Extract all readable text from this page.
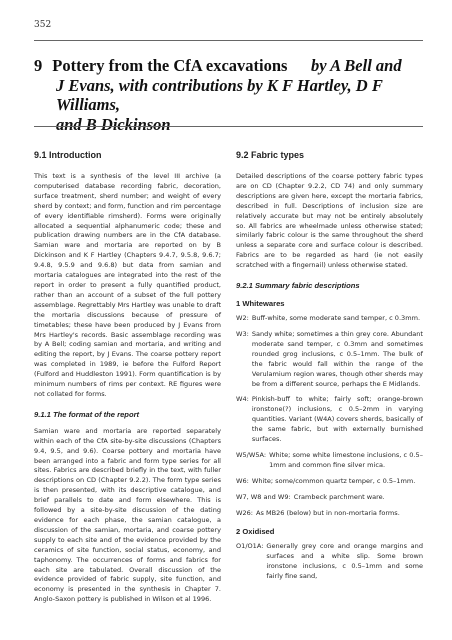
352
9 Pottery from the CfA excavations by A Bell and
J Evans, with contributions by K F Hartley, D F Williams,
and B Dickinson
9.1 Introduction

This text is a synthesis of the level III archive (a computerised database recording fabric, decoration, surface treatment, sherd number; and weight of every sherd by context; and form, function and rim percentage of every identifiable rimsherd). Forms were originally allocated a sequential alphanumeric code; these and publication drawing numbers are in the CfA database. Samian ware and mortaria are reported on by B Dickinson and K F Hartley (Chapters 9.4.7, 9.5.8, 9.6.7; 9.4.8, 9.5.9 and 9.6.8) but data from samian and mortaria catalogues are integrated into the rest of the report in order to present a fully quantified product, rather than an account of a subset of the full pottery assemblage. Regrettably Mrs Hartley was unable to draft the mortaria discussions because of pressure of timetables; these have been produced by J Evans from Mrs Hartley's records. Basic assemblage recording was by A Bell; coding samian and mortaria, and writing and editing the report, by J Evans. The coarse pottery report was completed in 1989, ie before the Fulford Report (Fulford and Huddleston 1991). Form quantification is by minimum numbers of rims per context. RE figures were not collated for forms.

9.1.1 The format of the report

Samian ware and mortaria are reported separately within each of the CfA site-by-site discussions (Chapters 9.4, 9.5, and 9.6). Coarse pottery and mortaria have been arranged into a fabric and form type series for all sites. Fabrics are described briefly in the text, with fuller descriptions on CD (Chapter 9.2.2). The form type series is then presented, with its descriptive catalogue, and brief parallels to date and form elsewhere. This is followed by a site-by-site discussion of the dating evidence for each phase, the samian catalogue, a discussion of the samian, mortaria, and coarse pottery supply to each site and of the evidence provided by the ceramics of site function, social status, economy, and taphonomy. The occurrences of forms and fabrics for each site are tabulated. Overall discussion of the evidence provided of fabric supply, site function, and economy is presented in the synthesis in Chapter 7. Anglo-Saxon pottery is published in Wilson et al 1996.

9.2 Fabric types

Detailed descriptions of the coarse pottery fabric types are on CD (Chapter 9.2.2, CD 74) and only summary descriptions are given here, except the mortaria fabrics, described in full. Descriptions of inclusion size are relatively accurate but may not be entirely absolutely so. All fabrics are wheelmade unless otherwise stated; similarly fabric colour is the same throughout the sherd unless a separate core and surface colour is described. Fabrics are to be regarded as hard (ie not easily scratched with a fingernail) unless otherwise stated.

9.2.1 Summary fabric descriptions
1 Whitewares
W2: Buff-white, some moderate sand temper, c 0.3mm.
W3: Sandy white; sometimes a thin grey core. Abundant moderate sand temper, c 0.3mm and sometimes rounded grog inclusions, c 0.5–1mm. The bulk of the fabric would fall within the range of the Verulamium region wares, though other sherds may be from a different source, perhaps the E Midlands.
W4: Pinkish-buff to white; fairly soft; orange-brown ironstone(?) inclusions, c 0.5–2mm in varying quantities. Variant (W4A) covers sherds, basically of the same fabric, but with externally burnished surfaces.
W5/W5A: White; some white limestone inclusions, c 0.5–1mm and common fine silver mica.
W6: White; some/common quartz temper, c 0.5–1mm.
W7, W8 and W9: Crambeck parchment ware.
W26: As MB26 (below) but in non-mortaria forms.
2 Oxidised
O1/O1A: Generally grey core and orange margins and surfaces and a white slip. Some brown ironstone inclusions, c 0.5–1mm and some fairly fine sand,
